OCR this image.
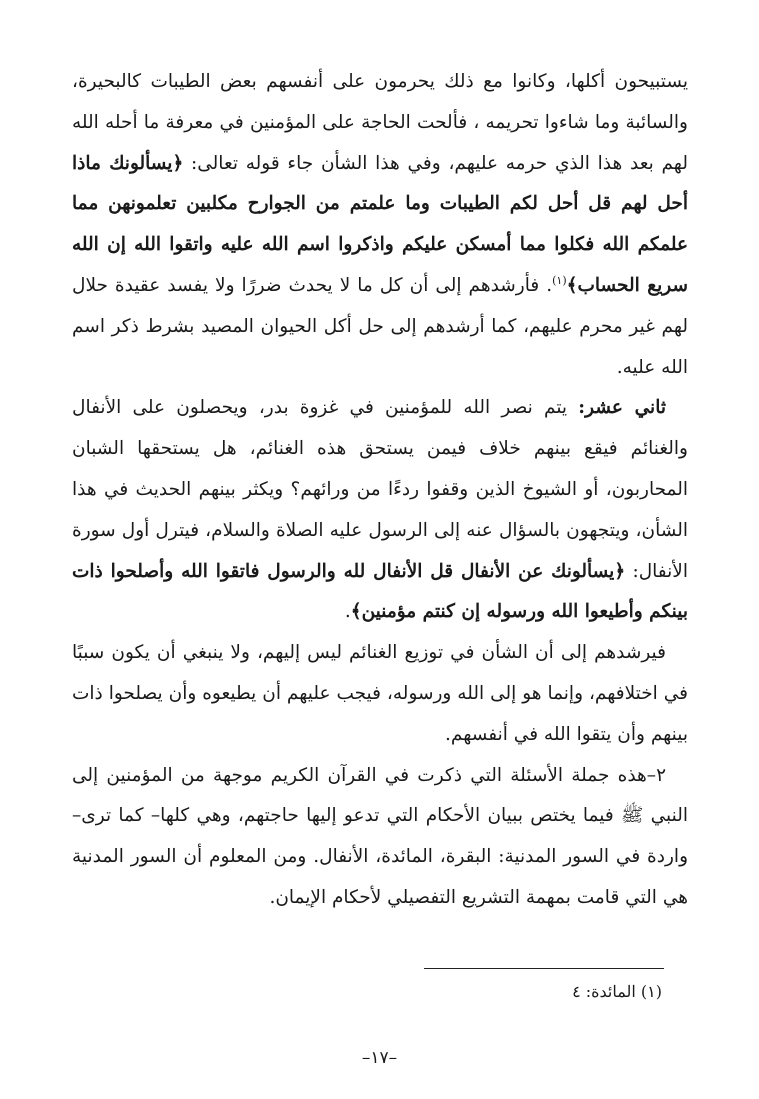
يستبيحون أكلها، وكانوا مع ذلك يحرمون على أنفسهم بعض الطيبات كالبحيرة، والسائبة وما شاءوا تحريمه ، فألحت الحاجة على المؤمنين في معرفة ما أحله الله لهم بعد هذا الذي حرمه عليهم، وفي هذا الشأن جاء قوله تعالى: ﴿يسألونك ماذا أحل لهم قل أحل لكم الطيبات وما علمتم من الجوارح مكلبين تعلمونهن مما علمكم الله فكلوا مما أمسكن عليكم واذكروا اسم الله عليه واتقوا الله إن الله سريع الحساب﴾$^{(١)}$. فأرشدهم إلى أن كل ما لا يحدث ضررًا ولا يفسد عقيدة حلال لهم غير محرم عليهم، كما أرشدهم إلى حل أكل الحيوان المصيد بشرط ذكر اسم الله عليه.

ثاني عشر: يتم نصر الله للمؤمنين في غزوة بدر، ويحصلون على الأنفال والغنائم فيقع بينهم خلاف فيمن يستحق هذه الغنائم، هل يستحقها الشبان المحاربون، أو الشيوخ الذين وقفوا ردءًا من ورائهم؟ ويكثر بينهم الحديث في هذا الشأن، ويتجهون بالسؤال عنه إلى الرسول عليه الصلاة والسلام، فيترل أول سورة الأنفال: ﴿يسألونك عن الأنفال قل الأنفال لله والرسول فاتقوا الله وأصلحوا ذات بينكم وأطيعوا الله ورسوله إن كنتم مؤمنين﴾.

فيرشدهم إلى أن الشأن في توزيع الغنائم ليس إليهم، ولا ينبغي أن يكون سببًا في اختلافهم، وإنما هو إلى الله ورسوله، فيجب عليهم أن يطيعوه وأن يصلحوا ذات بينهم وأن يتقوا الله في أنفسهم.

٢–هذه جملة الأسئلة التي ذكرت في القرآن الكريم موجهة من المؤمنين إلى النبي ﷺ فيما يختص ببيان الأحكام التي تدعو إليها حاجتهم، وهي كلها– كما ترى–واردة في السور المدنية: البقرة، المائدة، الأنفال. ومن المعلوم أن السور المدنية هي التي قامت بمهمة التشريع التفصيلي لأحكام الإيمان.

(١) المائدة: ٤
–١٧–
